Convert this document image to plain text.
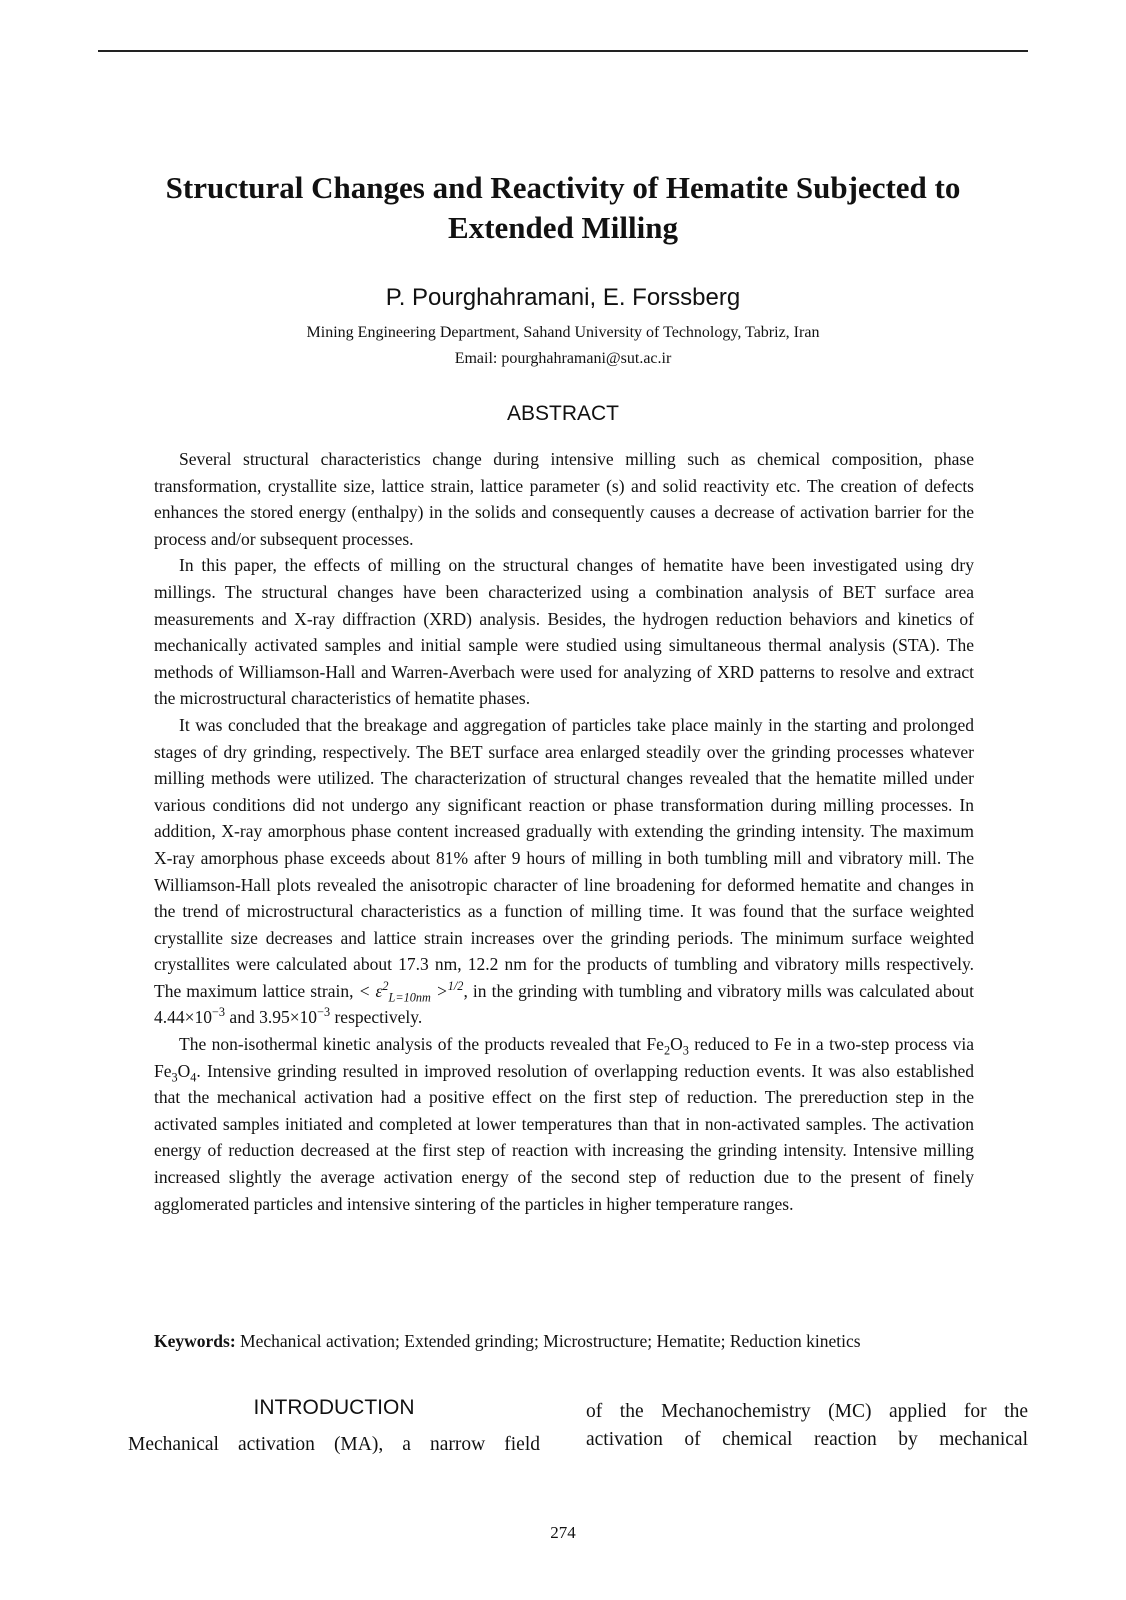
Structural Changes and Reactivity of Hematite Subjected to
Extended Milling
P. Pourghahramani, E. Forssberg
Mining Engineering Department, Sahand University of Technology, Tabriz, Iran
Email: pourghahramani@sut.ac.ir
ABSTRACT

Several structural characteristics change during intensive milling such as chemical composition, phase transformation, crystallite size, lattice strain, lattice parameter (s) and solid reactivity etc. The creation of defects enhances the stored energy (enthalpy) in the solids and consequently causes a decrease of activation barrier for the process and/or subsequent processes.

In this paper, the effects of milling on the structural changes of hematite have been investigated using dry millings. The structural changes have been characterized using a combination analysis of BET surface area measurements and X-ray diffraction (XRD) analysis. Besides, the hydrogen reduction behaviors and kinetics of mechanically activated samples and initial sample were studied using simultaneous thermal analysis (STA). The methods of Williamson-Hall and Warren-Averbach were used for analyzing of XRD patterns to resolve and extract the microstructural characteristics of hematite phases.

It was concluded that the breakage and aggregation of particles take place mainly in the starting and prolonged stages of dry grinding, respectively. The BET surface area enlarged steadily over the grinding processes whatever milling methods were utilized. The characterization of structural changes revealed that the hematite milled under various conditions did not undergo any significant reaction or phase transformation during milling processes. In addition, X-ray amorphous phase content increased gradually with extending the grinding intensity. The maximum X-ray amorphous phase exceeds about 81% after 9 hours of milling in both tumbling mill and vibratory mill. The Williamson-Hall plots revealed the anisotropic character of line broadening for deformed hematite and changes in the trend of microstructural characteristics as a function of milling time. It was found that the surface weighted crystallite size decreases and lattice strain increases over the grinding periods. The minimum surface weighted crystallites were calculated about 17.3 nm, 12.2 nm for the products of tumbling and vibratory mills respectively. The maximum lattice strain, < $\varepsilon^2_{L=10nm} >^{1/2}$, in the grinding with tumbling and vibratory mills was calculated about $4.44\times 10^{-3}$ and $3.95\times 10^{-3}$ respectively.

The non-isothermal kinetic analysis of the products revealed that $Fe_2O_3$ reduced to Fe in a two-step process via $Fe_3O_4$. Intensive grinding resulted in improved resolution of overlapping reduction events. It was also established that the mechanical activation had a positive effect on the first step of reduction. The prereduction step in the activated samples initiated and completed at lower temperatures than that in non-activated samples. The activation energy of reduction decreased at the first step of reaction with increasing the grinding intensity. Intensive milling increased slightly the average activation energy of the second step of reduction due to the present of finely agglomerated particles and intensive sintering of the particles in higher temperature ranges.

Keywords: Mechanical activation; Extended grinding; Microstructure; Hematite; Reduction kinetics
INTRODUCTION

Mechanical activation (MA), a narrow field

of the Mechanochemistry (MC) applied for the activation of chemical reaction by mechanical

274
